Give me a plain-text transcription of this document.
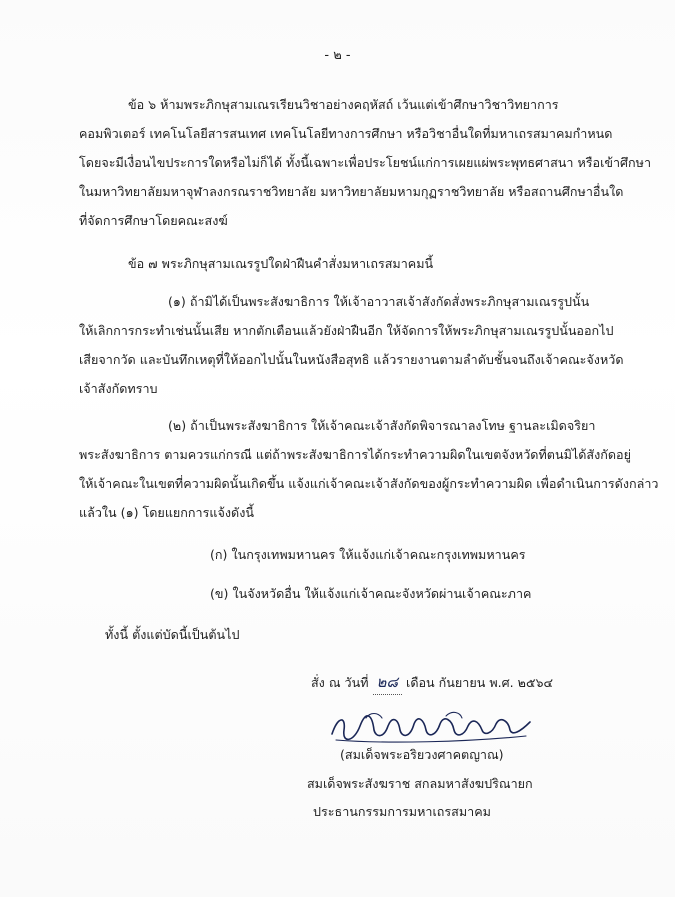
- ๒ -
ข้อ ๖ ห้ามพระภิกษุสามเณรเรียนวิชาอย่างคฤหัสถ์ เว้นแต่เข้าศึกษาวิชาวิทยาการ
คอมพิวเตอร์ เทคโนโลยีสารสนเทศ เทคโนโลยีทางการศึกษา หรือวิชาอื่นใดที่มหาเถรสมาคมกำหนด
โดยจะมีเงื่อนไขประการใดหรือไม่ก็ได้ ทั้งนี้เฉพาะเพื่อประโยชน์แก่การเผยแผ่พระพุทธศาสนา หรือเข้าศึกษา
ในมหาวิทยาลัยมหาจุฬาลงกรณราชวิทยาลัย มหาวิทยาลัยมหามกุฏราชวิทยาลัย หรือสถานศึกษาอื่นใด
ที่จัดการศึกษาโดยคณะสงฆ์
ข้อ ๗ พระภิกษุสามเณรรูปใดฝ่าฝืนคำสั่งมหาเถรสมาคมนี้
(๑) ถ้ามิได้เป็นพระสังฆาธิการ ให้เจ้าอาวาสเจ้าสังกัดสั่งพระภิกษุสามเณรรูปนั้น
ให้เลิกการกระทำเช่นนั้นเสีย หากตักเตือนแล้วยังฝ่าฝืนอีก ให้จัดการให้พระภิกษุสามเณรรูปนั้นออกไป
เสียจากวัด และบันทึกเหตุที่ให้ออกไปนั้นในหนังสือสุทธิ แล้วรายงานตามลำดับชั้นจนถึงเจ้าคณะจังหวัด
เจ้าสังกัดทราบ
(๒) ถ้าเป็นพระสังฆาธิการ ให้เจ้าคณะเจ้าสังกัดพิจารณาลงโทษ ฐานละเมิดจริยา
พระสังฆาธิการ ตามควรแก่กรณี แต่ถ้าพระสังฆาธิการได้กระทำความผิดในเขตจังหวัดที่ตนมิได้สังกัดอยู่
ให้เจ้าคณะในเขตที่ความผิดนั้นเกิดขึ้น แจ้งแก่เจ้าคณะเจ้าสังกัดของผู้กระทำความผิด เพื่อดำเนินการดังกล่าว
แล้วใน (๑) โดยแยกการแจ้งดังนี้
(ก) ในกรุงเทพมหานคร ให้แจ้งแก่เจ้าคณะกรุงเทพมหานคร
(ข) ในจังหวัดอื่น ให้แจ้งแก่เจ้าคณะจังหวัดผ่านเจ้าคณะภาค
ทั้งนี้ ตั้งแต่บัดนี้เป็นต้นไป
สั่ง ณ วันที่ ๒๘ เดือน กันยายน พ.ศ. ๒๕๖๔
(สมเด็จพระอริยวงศาคตญาณ)
สมเด็จพระสังฆราช สกลมหาสังฆปริณายก
ประธานกรรมการมหาเถรสมาคม
